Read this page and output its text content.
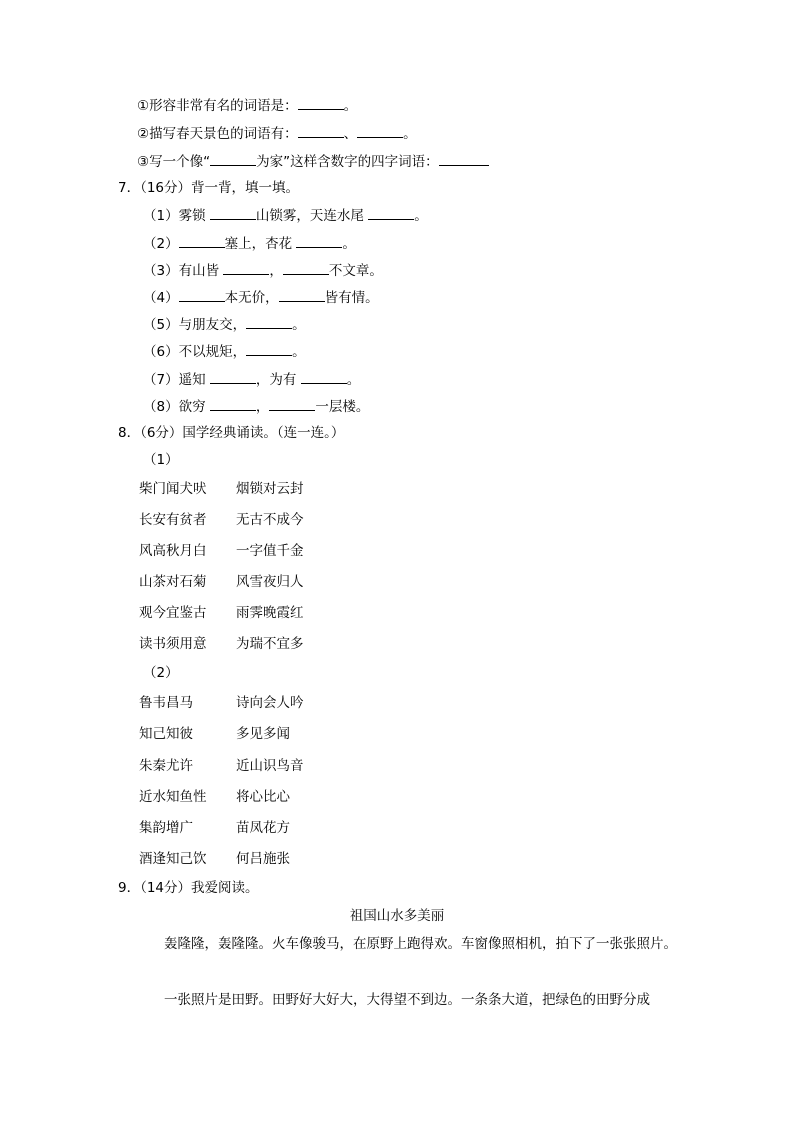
①形容非常有名的词语是：	。
②描写春天景色的词语有：	、	。
③写一个像“	为家”这样含数字的四字词语：
7．（16分）背一背，填一填。
（1）雾锁	山锁雾，天连水尾	。
（2）	塞上，杏花	。
（3）有山皆	，	不文章。
（4）	本无价，	皆有情。
（5）与朋友交，	。
（6）不以规矩，	。
（7）遥知	，为有	。
（8）欲穷	，	一层楼。
8．（6分）国学经典诵读。（连一连。）
（1）
柴门闻犬吠 烟锁对云封
长安有贫者 无古不成今
风高秋月白 一字值千金
山茶对石菊 风雪夜归人
观今宜鉴古 雨霁晚霞红
读书须用意 为瑞不宜多
（2）
鲁韦昌马	诗向会人吟
知己知彼	多见多闻
朱秦尤许	近山识鸟音
近水知鱼性 将心比心
集韵增广	苗凤花方
酒逢知己饮 何吕施张
9．（14分）我爱阅读。
祖国山水多美丽
轰隆隆，轰隆隆。火车像骏马，在原野上跑得欢。车窗像照相机，拍下了一张张照片。
一张照片是田野。田野好大好大，大得望不到边。一条条大道，把绿色的田野分成
